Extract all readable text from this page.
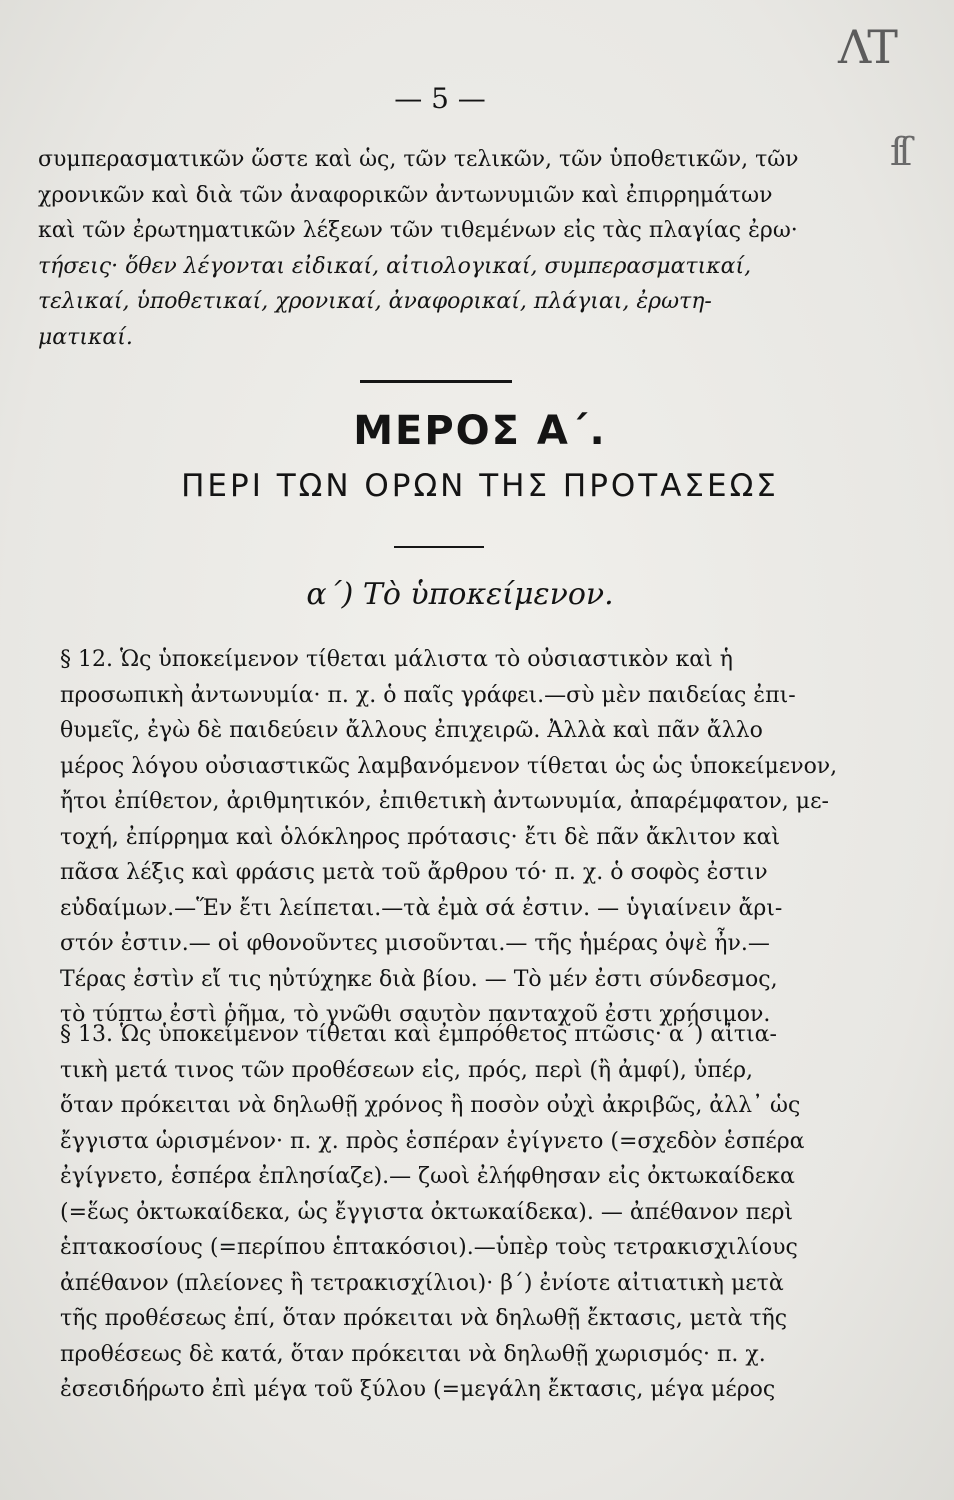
ΛΤ
ſſ
— 5 —
συμπερασματικῶν ὥστε καὶ ὡς, τῶν τελικῶν, τῶν ὑποθετικῶν, τῶν
χρονικῶν καὶ διὰ τῶν ἀναφορικῶν ἀντωνυμιῶν καὶ ἐπιρρημάτων
καὶ τῶν ἐρωτηματικῶν λέξεων τῶν τιθεμένων εἰς τὰς πλαγίας ἐρω·
τήσεις· ὅθεν λέγονται εἰδικαί, αἰτιολογικαί, συμπερασματικαί,
τελικαί, ὑποθετικαί, χρονικαί, ἀναφορικαί, πλάγιαι, ἐρωτη-
ματικαί.
ΜΕΡΟΣ Α΄.
ΠΕΡΙ ΤΩΝ ΟΡΩΝ ΤΗΣ ΠΡΟΤΑΣΕΩΣ
α΄) Τὸ ὑποκείμενον.
§ 12. Ὡς ὑποκείμενον τίθεται μάλιστα τὸ οὐσιαστικὸν καὶ ἡ
προσωπικὴ ἀντωνυμία· π. χ. ὁ παῖς γράφει.—σὺ μὲν παιδείας ἐπι-
θυμεῖς, ἐγὼ δὲ παιδεύειν ἄλλους ἐπιχειρῶ. Ἀλλὰ καὶ πᾶν ἄλλο
μέρος λόγου οὐσιαστικῶς λαμβανόμενον τίθεται ὡς ὡς ὑποκείμενον,
ἤτοι ἐπίθετον, ἀριθμητικόν, ἐπιθετικὴ ἀντωνυμία, ἀπαρέμφατον, με-
τοχή, ἐπίρρημα καὶ ὁλόκληρος πρότασις· ἔτι δὲ πᾶν ἄκλιτον καὶ
πᾶσα λέξις καὶ φράσις μετὰ τοῦ ἄρθρου τό· π. χ. ὁ σοφὸς ἐστιν
εὐδαίμων.—Ἕν ἔτι λείπεται.—τὰ ἐμὰ σά ἐστιν. — ὑγιαίνειν ἄρι-
στόν ἐστιν.— οἱ φθονοῦντες μισοῦνται.— τῆς ἡμέρας ὀψὲ ἦν.—
Τέρας ἐστὶν εἴ τις ηὐτύχηκε διὰ βίου. — Τὸ μέν ἐστι σύνδεσμος,
τὸ τύπτω ἐστὶ ῥῆμα, τὸ γνῶθι σαυτὸν πανταχοῦ ἐστι χρήσιμον.
§ 13. Ὡς ὑποκείμενον τίθεται καὶ ἐμπρόθετος πτῶσις· α΄) αἰτια-
τικὴ μετά τινος τῶν προθέσεων εἰς, πρός, περὶ (ἢ ἀμφί), ὑπέρ,
ὅταν πρόκειται νὰ δηλωθῇ χρόνος ἢ ποσὸν οὐχὶ ἀκριβῶς, ἀλλ᾽ ὡς
ἔγγιστα ὡρισμένον· π. χ. πρὸς ἑσπέραν ἐγίγνετο (=σχεδὸν ἑσπέρα
ἐγίγνετο, ἑσπέρα ἐπλησίαζε).— ζωοὶ ἐλήφθησαν εἰς ὀκτωκαίδεκα
(=ἕως ὀκτωκαίδεκα, ὡς ἔγγιστα ὀκτωκαίδεκα). — ἀπέθανον περὶ
ἑπτακοσίους (=περίπου ἑπτακόσιοι).—ὑπὲρ τοὺς τετρακισχιλίους
ἀπέθανον (πλείονες ἢ τετρακισχίλιοι)· β΄) ἐνίοτε αἰτιατικὴ μετὰ
τῆς προθέσεως ἐπί, ὅταν πρόκειται νὰ δηλωθῇ ἔκτασις, μετὰ τῆς
προθέσεως δὲ κατά, ὅταν πρόκειται νὰ δηλωθῇ χωρισμός· π. χ.
ἐσεσιδήρωτο ἐπὶ μέγα τοῦ ξύλου (=μεγάλη ἔκτασις, μέγα μέρος
